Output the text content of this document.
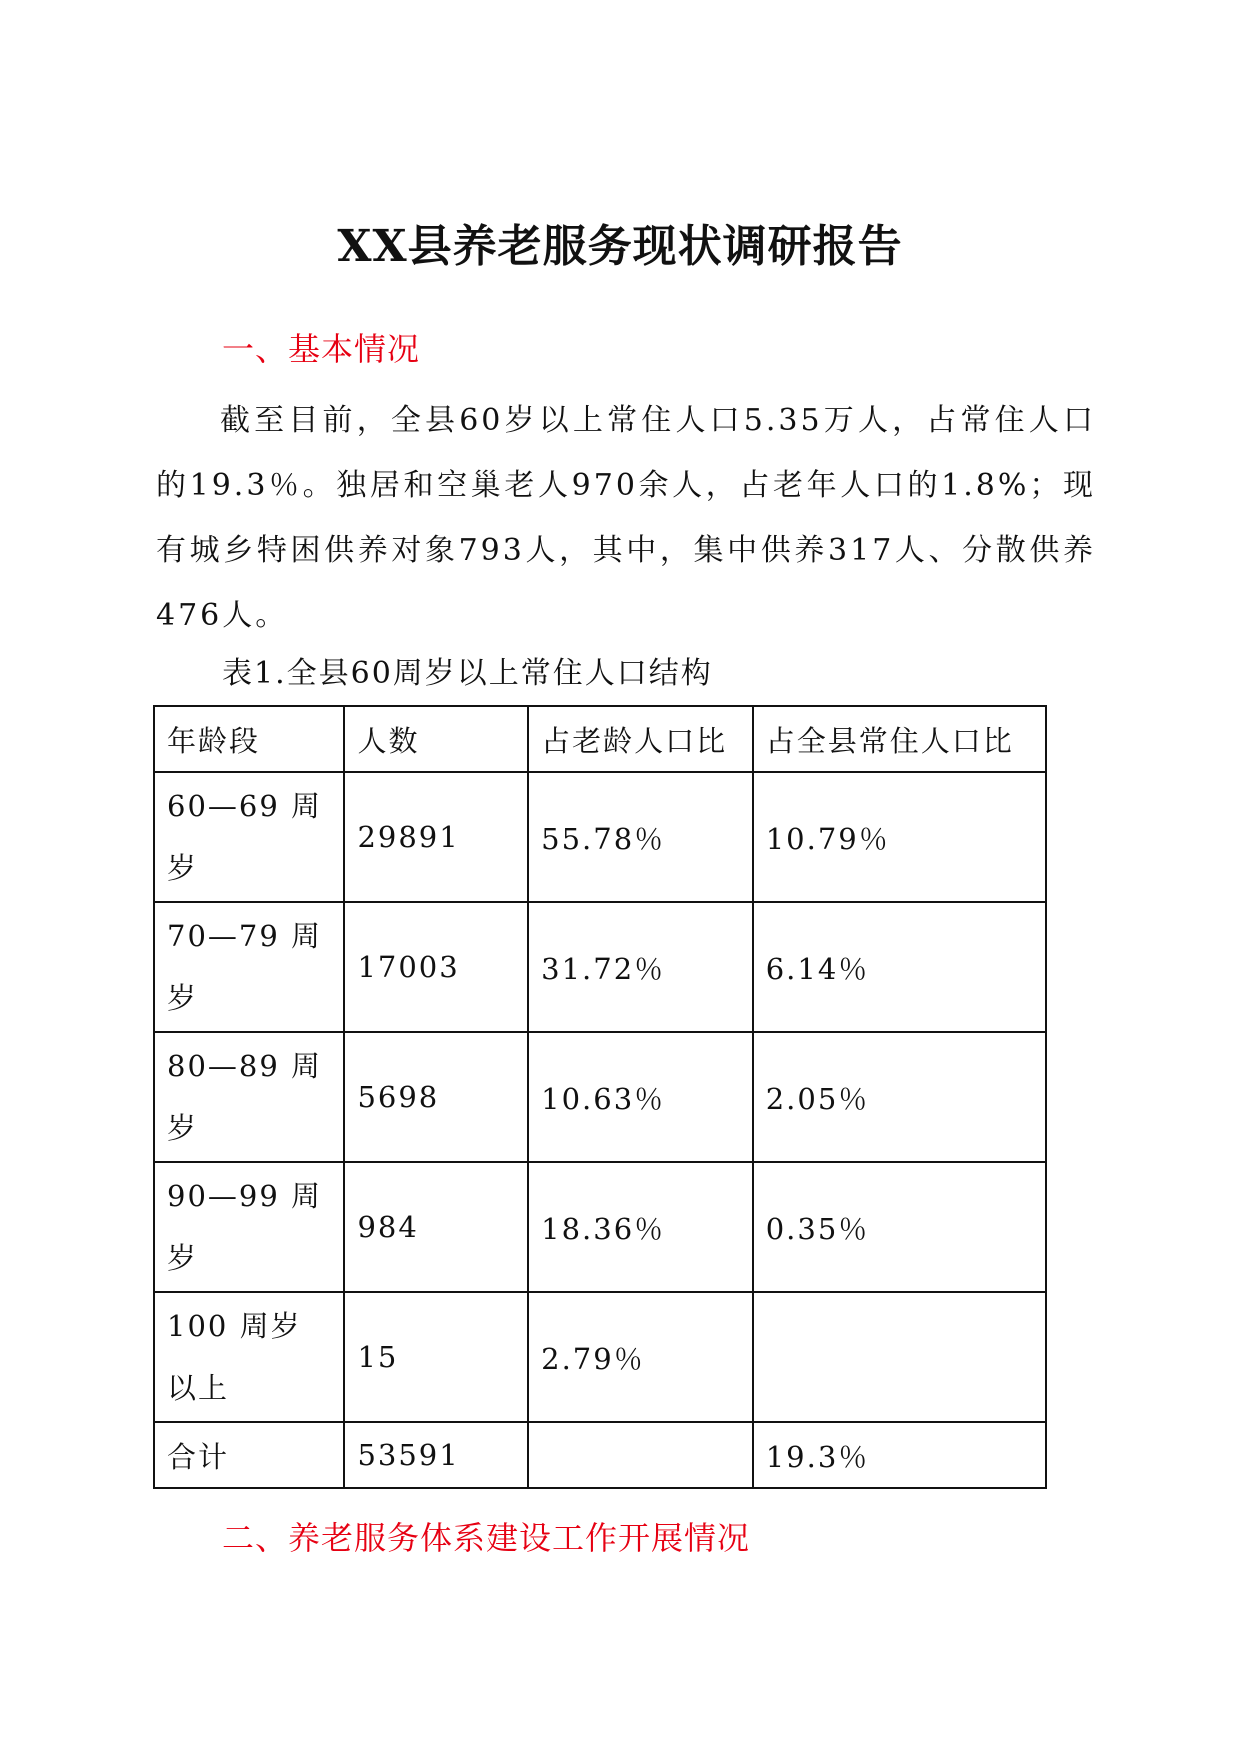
XX县养老服务现状调研报告
一、基本情况

截至目前，全县60岁以上常住人口5.35万人，占常住人口的19.3％。独居和空巢老人970余人，占老年人口的1.8%；现有城乡特困供养对象793人，其中，集中供养317人、分散供养476人。

表1.全县60周岁以上常住人口结构
年龄段	人数	占老龄人口比	占全县常住人口比
60—69 周岁	29891	55.78％	10.79％
70—79 周岁	17003	31.72％	6.14％
80—89 周岁	5698	10.63％	2.05％
90—99 周岁	984	18.36％	0.35％
100 周岁以上	15	2.79％	
合计	53591		19.3％
二、养老服务体系建设工作开展情况
